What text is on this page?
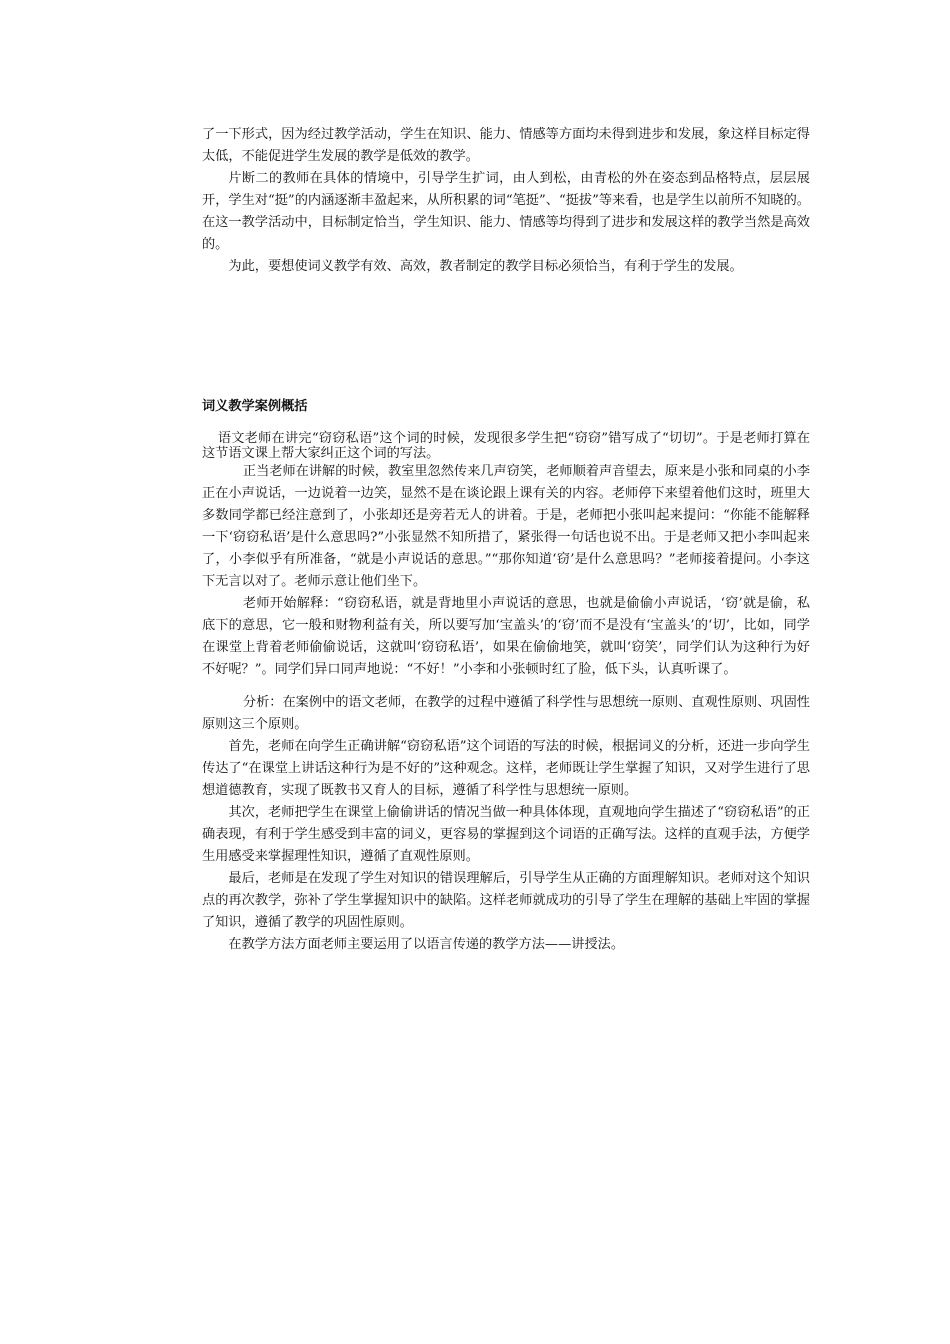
了一下形式，因为经过教学活动，学生在知识、能力、情感等方面均未得到进步和发展，象这样目标定得太低，不能促进学生发展的教学是低效的教学。

片断二的教师在具体的情境中，引导学生扩词，由人到松，由青松的外在姿态到品格特点，层层展开，学生对“挺”的内涵逐渐丰盈起来，从所积累的词“笔挺”、“挺拔”等来看，也是学生以前所不知晓的。在这一教学活动中，目标制定恰当，学生知识、能力、情感等均得到了进步和发展这样的教学当然是高效的。

为此，要想使词义教学有效、高效，教者制定的教学目标必须恰当，有利于学生的发展。

词义教学案例概括

语文老师在讲完“窃窃私语”这个词的时候，发现很多学生把“窃窃”错写成了“切切”。于是老师打算在这节语文课上帮大家纠正这个词的写法。

正当老师在讲解的时候，教室里忽然传来几声窃笑，老师顺着声音望去，原来是小张和同桌的小李正在小声说话，一边说着一边笑，显然不是在谈论跟上课有关的内容。老师停下来望着他们这时，班里大多数同学都已经注意到了，小张却还是旁若无人的讲着。于是，老师把小张叫起来提问：“你能不能解释一下‘窃窃私语’是什么意思吗?”小张显然不知所措了，紧张得一句话也说不出。于是老师又把小李叫起来了，小李似乎有所准备，“就是小声说话的意思。”“那你知道‘窃’是什么意思吗？”老师接着提问。小李这下无言以对了。老师示意让他们坐下。

老师开始解释：“窃窃私语，就是背地里小声说话的意思，也就是偷偷小声说话，‘窃’就是偷，私底下的意思，它一般和财物利益有关，所以要写加‘宝盖头’的‘窃’而不是没有‘宝盖头’的‘切’，比如，同学在课堂上背着老师偷偷说话，这就叫‘窃窃私语’，如果在偷偷地笑，就叫‘窃笑’，同学们认为这种行为好不好呢？”。同学们异口同声地说：“不好！”小李和小张顿时红了脸，低下头，认真听课了。

分析：在案例中的语文老师，在教学的过程中遵循了科学性与思想统一原则、直观性原则、巩固性原则这三个原则。

首先，老师在向学生正确讲解“窃窃私语”这个词语的写法的时候，根据词义的分析，还进一步向学生传达了“在课堂上讲话这种行为是不好的”这种观念。这样，老师既让学生掌握了知识，又对学生进行了思想道德教育，实现了既教书又育人的目标，遵循了科学性与思想统一原则。

其次，老师把学生在课堂上偷偷讲话的情况当做一种具体体现，直观地向学生描述了“窃窃私语”的正确表现，有利于学生感受到丰富的词义，更容易的掌握到这个词语的正确写法。这样的直观手法，方便学生用感受来掌握理性知识，遵循了直观性原则。

最后，老师是在发现了学生对知识的错误理解后，引导学生从正确的方面理解知识。老师对这个知识点的再次教学，弥补了学生掌握知识中的缺陷。这样老师就成功的引导了学生在理解的基础上牢固的掌握了知识，遵循了教学的巩固性原则。

在教学方法方面老师主要运用了以语言传递的教学方法——讲授法。
